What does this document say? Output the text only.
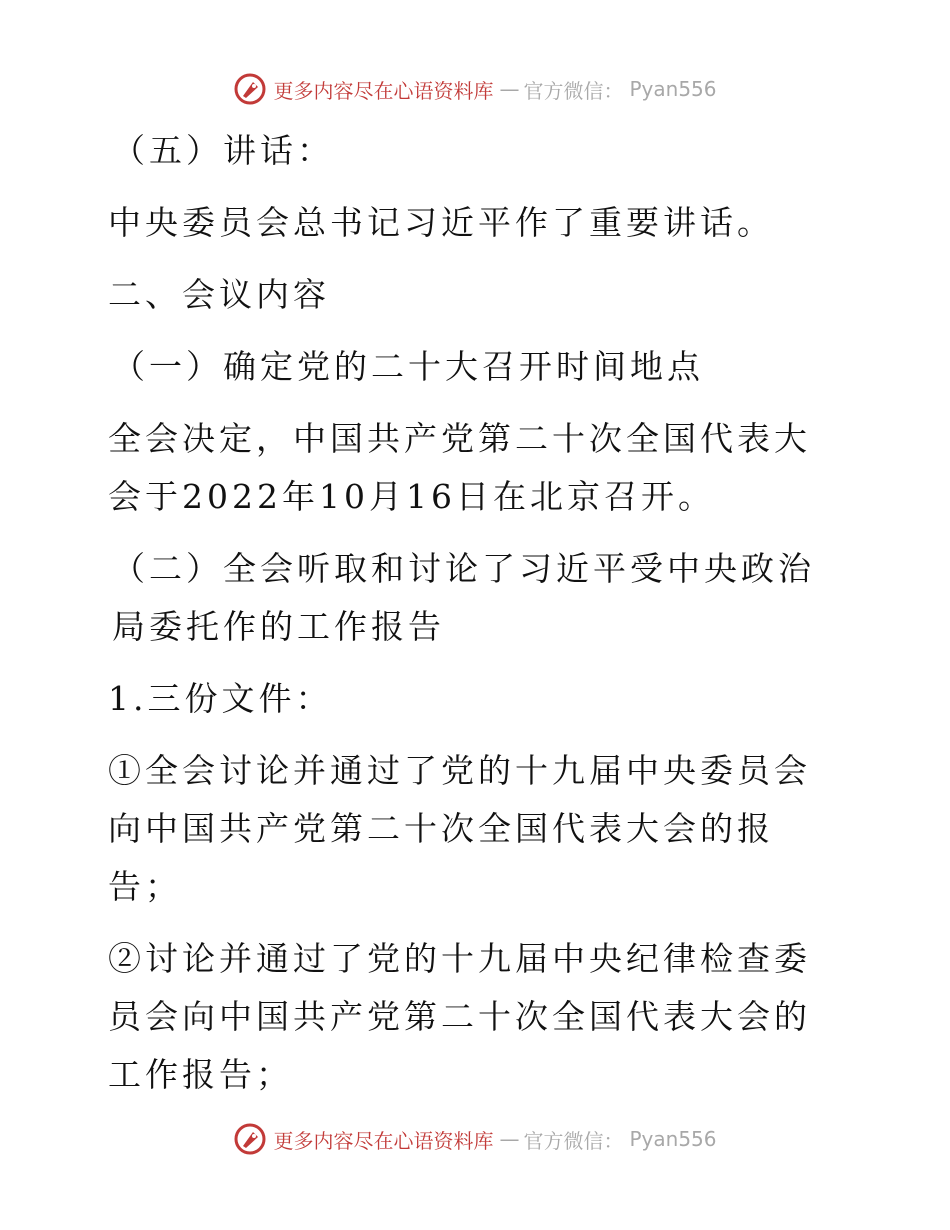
更多内容尽在心语资料库 — 官方微信： Pyan556

（五）讲话：

中央委员会总书记习近平作了重要讲话。

二、会议内容

（一）确定党的二十大召开时间地点

全会决定，中国共产党第二十次全国代表大会于2022年10月16日在北京召开。

（二）全会听取和讨论了习近平受中央政治局委托作的工作报告

1.三份文件：

①全会讨论并通过了党的十九届中央委员会向中国共产党第二十次全国代表大会的报告；

②讨论并通过了党的十九届中央纪律检查委员会向中国共产党第二十次全国代表大会的工作报告；

更多内容尽在心语资料库 — 官方微信： Pyan556
